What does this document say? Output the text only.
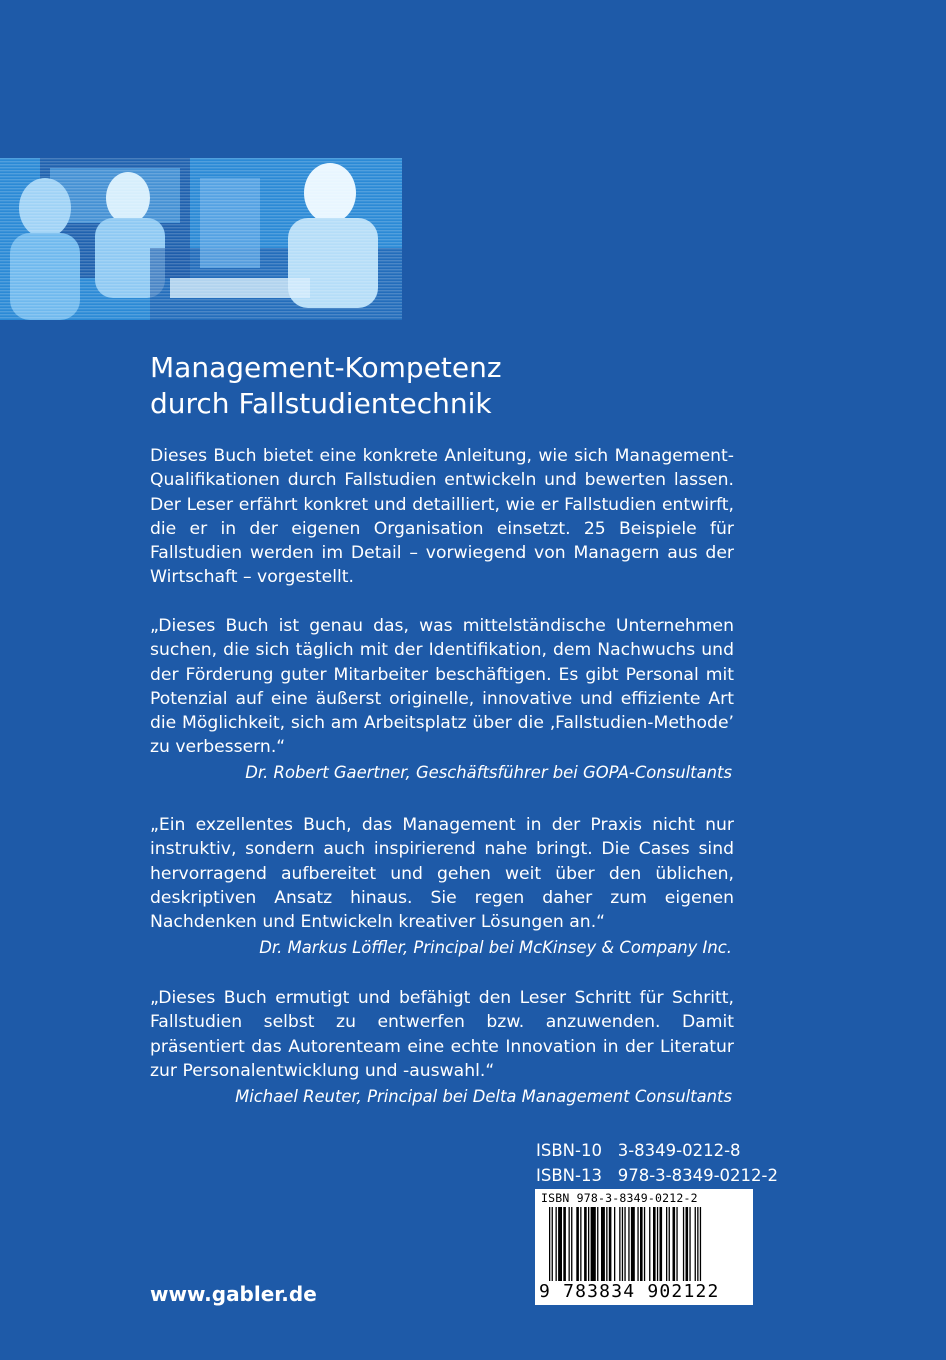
Management-Kompetenz
durch Fallstudientechnik

Dieses Buch bietet eine konkrete Anleitung, wie sich Management-Qualifikationen durch Fallstudien entwickeln und bewerten lassen. Der Leser erfährt konkret und detailliert, wie er Fallstudien entwirft, die er in der eigenen Organisation einsetzt. 25 Beispiele für Fallstudien werden im Detail – vorwiegend von Managern aus der Wirtschaft – vorgestellt.

„Dieses Buch ist genau das, was mittelständische Unternehmen suchen, die sich täglich mit der Identifikation, dem Nachwuchs und der Förderung guter Mitarbeiter beschäftigen. Es gibt Personal mit Potenzial auf eine äußerst originelle, innovative und effiziente Art die Möglichkeit, sich am Arbeitsplatz über die ‚Fallstudien-Methode’ zu verbessern.“

Dr. Robert Gaertner, Geschäftsführer bei GOPA-Consultants

„Ein exzellentes Buch, das Management in der Praxis nicht nur instruktiv, sondern auch inspirierend nahe bringt. Die Cases sind hervorragend aufbereitet und gehen weit über den üblichen, deskriptiven Ansatz hinaus. Sie regen daher zum eigenen Nachdenken und Entwickeln kreativer Lösungen an.“

Dr. Markus Löffler, Principal bei McKinsey & Company Inc.

„Dieses Buch ermutigt und befähigt den Leser Schritt für Schritt, Fallstudien selbst zu entwerfen bzw. anzuwenden. Damit präsentiert das Autorenteam eine echte Innovation in der Literatur zur Personalentwicklung und -auswahl.“

Michael Reuter, Principal bei Delta Management Consultants

ISBN-10 3-8349-0212-8
ISBN-13 978-3-8349-0212-2
ISBN 978-3-8349-0212-2
9 783834 902122
www.gabler.de
